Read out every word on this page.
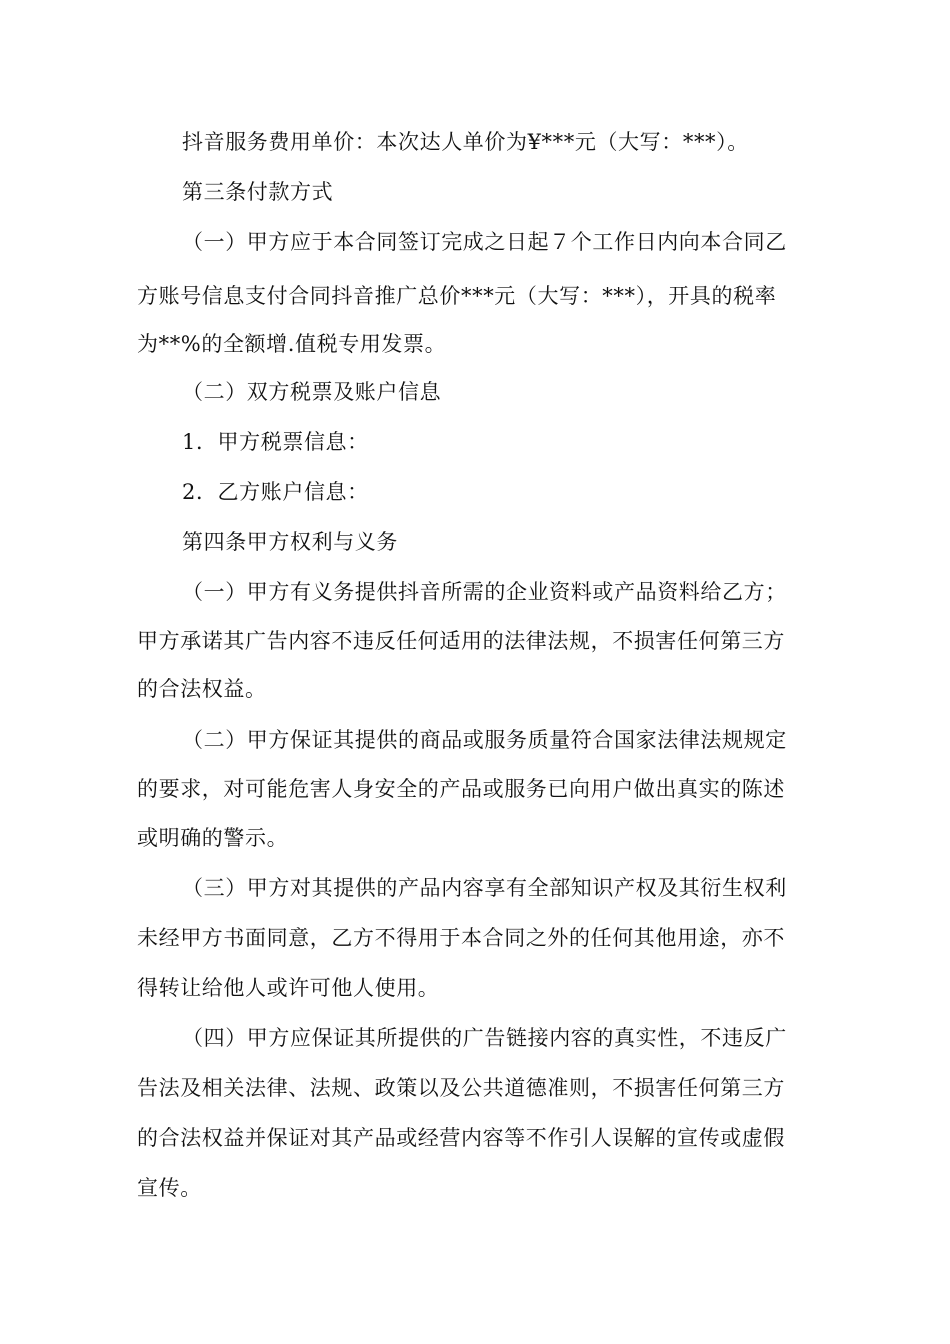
抖音服务费用单价：本次达人单价为¥***元（大写：***）。
第三条付款方式
（一）甲方应于本合同签订完成之日起７个工作日内向本合同乙
方账号信息支付合同抖音推广总价***元（大写：***），开具的税率
为**%的全额增.值税专用发票。
（二）双方税票及账户信息
1．甲方税票信息：
2．乙方账户信息：
第四条甲方权利与义务
（一）甲方有义务提供抖音所需的企业资料或产品资料给乙方；
甲方承诺其广告内容不违反任何适用的法律法规，不损害任何第三方
的合法权益。
（二）甲方保证其提供的商品或服务质量符合国家法律法规规定
的要求，对可能危害人身安全的产品或服务已向用户做出真实的陈述
或明确的警示。
（三）甲方对其提供的产品内容享有全部知识产权及其衍生权利
未经甲方书面同意，乙方不得用于本合同之外的任何其他用途，亦不
得转让给他人或许可他人使用。
（四）甲方应保证其所提供的广告链接内容的真实性，不违反广
告法及相关法律、法规、政策以及公共道德准则，不损害任何第三方
的合法权益并保证对其产品或经营内容等不作引人误解的宣传或虚假
宣传。
